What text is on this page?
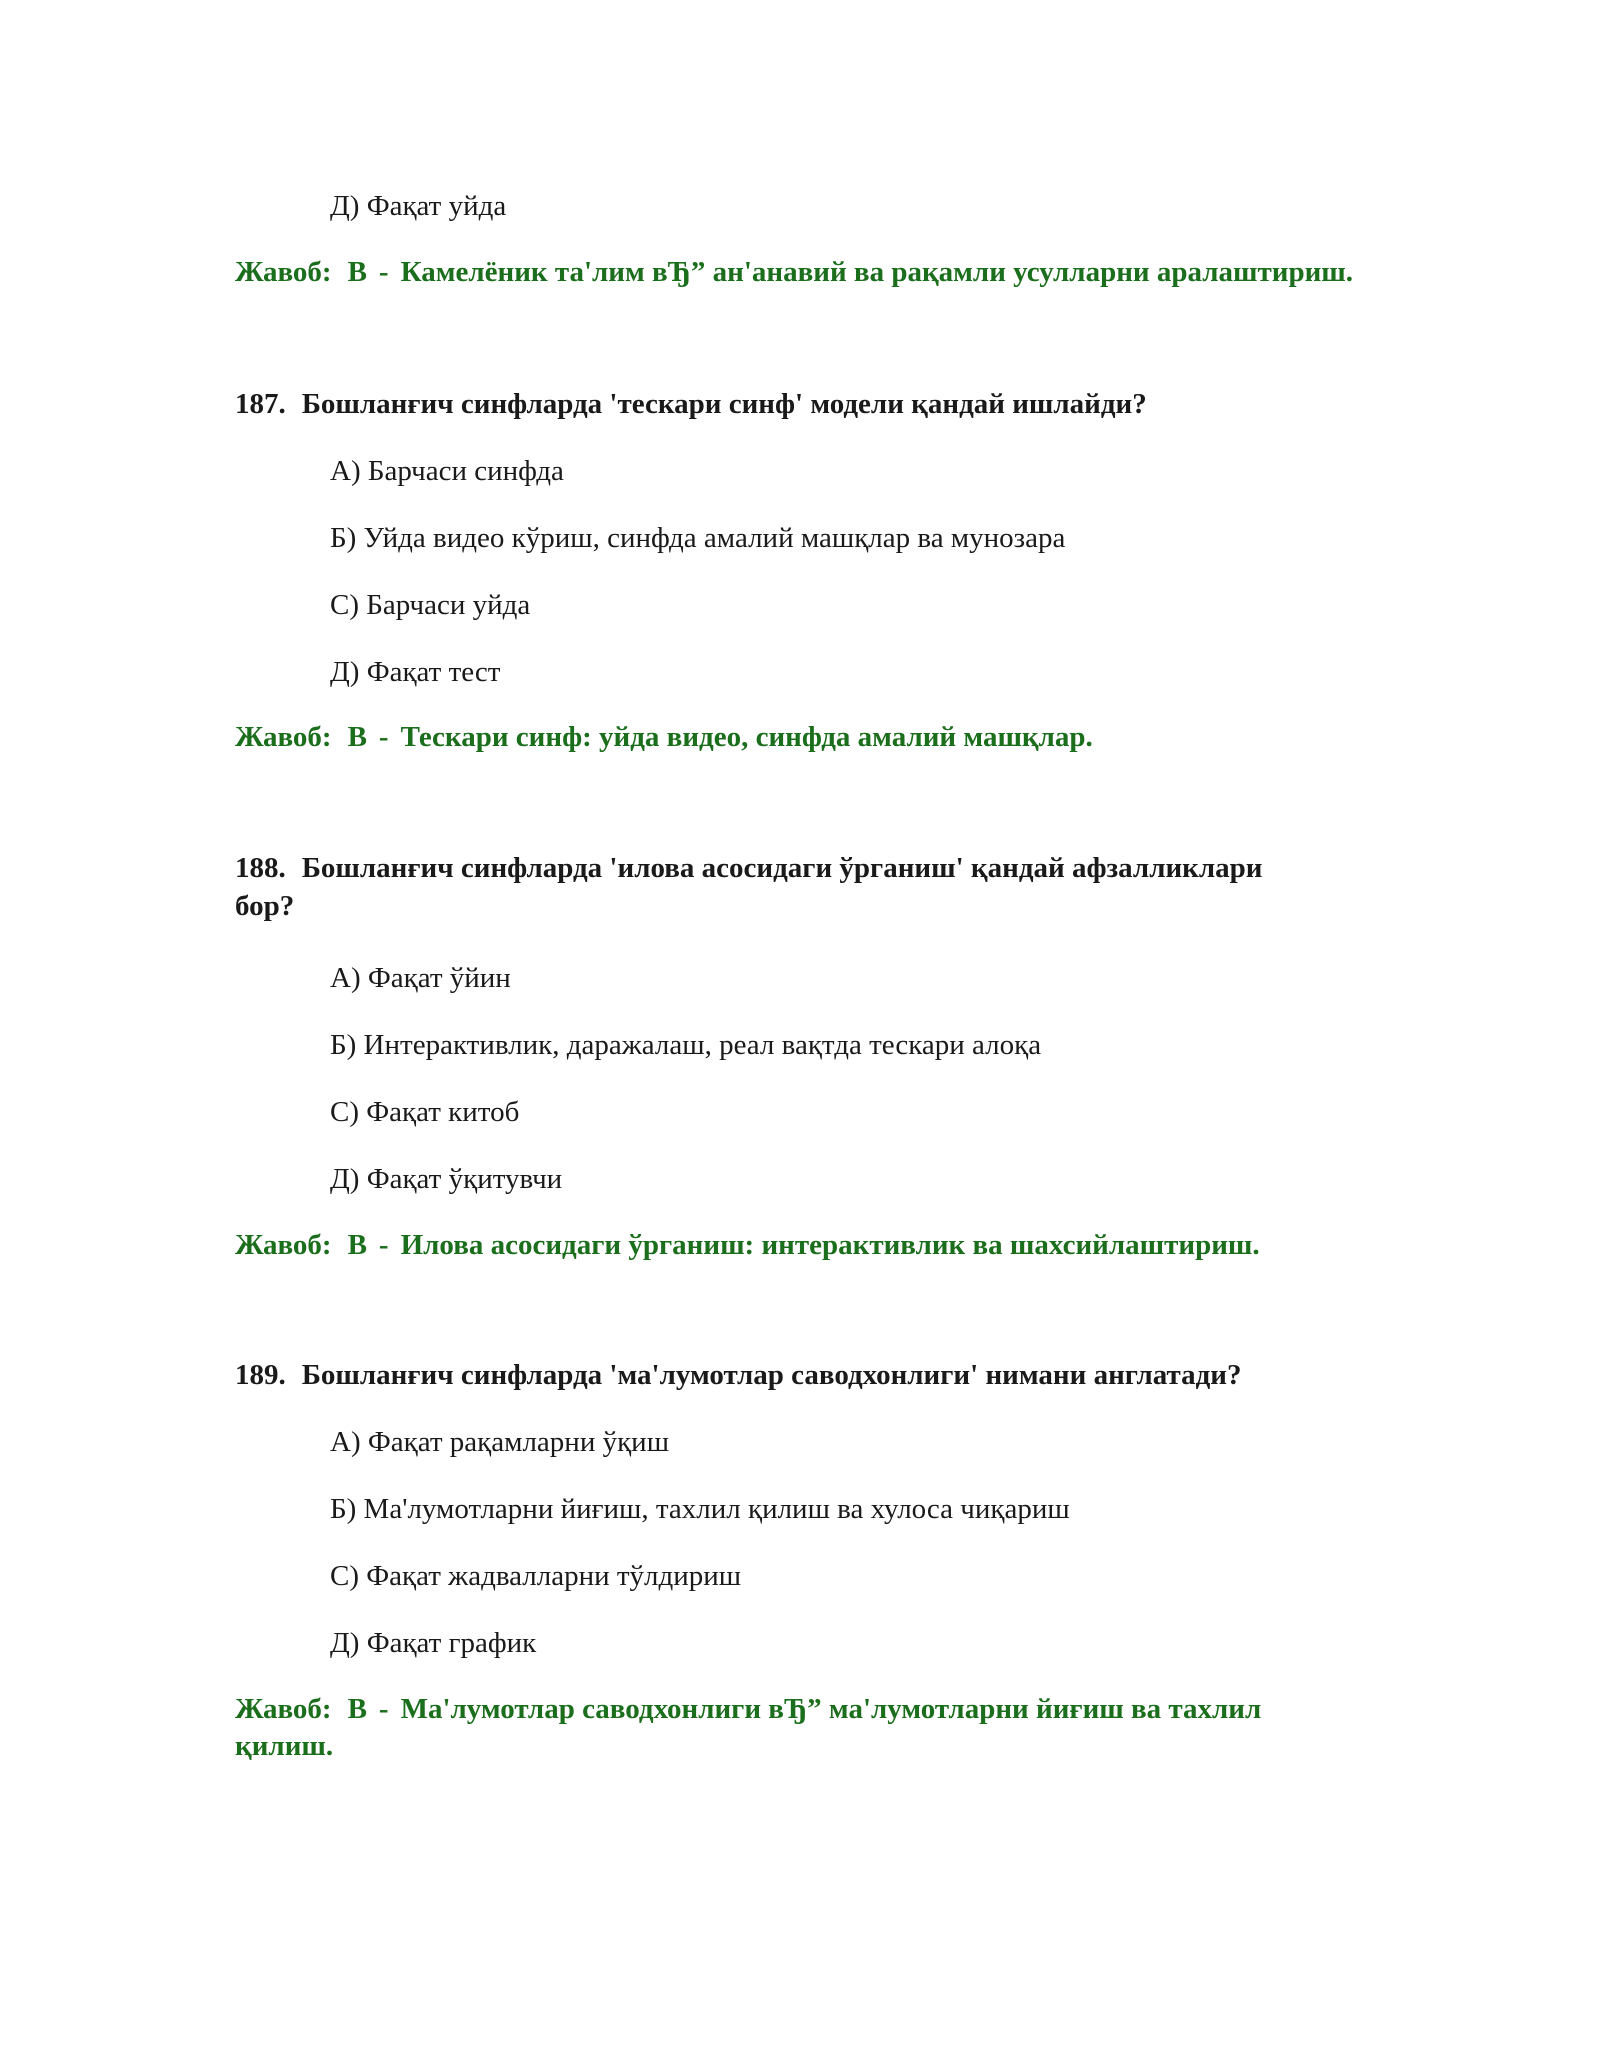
Д) Фақат уйда
Жавоб: B - Камелёник та'лим вЂ” ан'анавий ва рақамли усулларни аралаштириш.
187. Бошланғич синфларда 'тескари синф' модели қандай ишлайди?
А) Барчаси синфда
Б) Уйда видео кўриш, синфда амалий машқлар ва мунозара
С) Барчаси уйда
Д) Фақат тест
Жавоб: B - Тескари синф: уйда видео, синфда амалий машқлар.
188. Бошланғич синфларда 'илова асосидаги ўрганиш' қандай афзалликлари
бор?
А) Фақат ўйин
Б) Интерактивлик, даражалаш, реал вақтда тескари алоқа
С) Фақат китоб
Д) Фақат ўқитувчи
Жавоб: B - Илова асосидаги ўрганиш: интерактивлик ва шахсийлаштириш.
189. Бошланғич синфларда 'ма'лумотлар саводхонлиги' нимани англатади?
А) Фақат рақамларни ўқиш
Б) Ма'лумотларни йиғиш, тахлил қилиш ва хулоса чиқариш
С) Фақат жадвалларни тўлдириш
Д) Фақат график
Жавоб: B - Ма'лумотлар саводхонлиги вЂ” ма'лумотларни йиғиш ва тахлил
қилиш.
